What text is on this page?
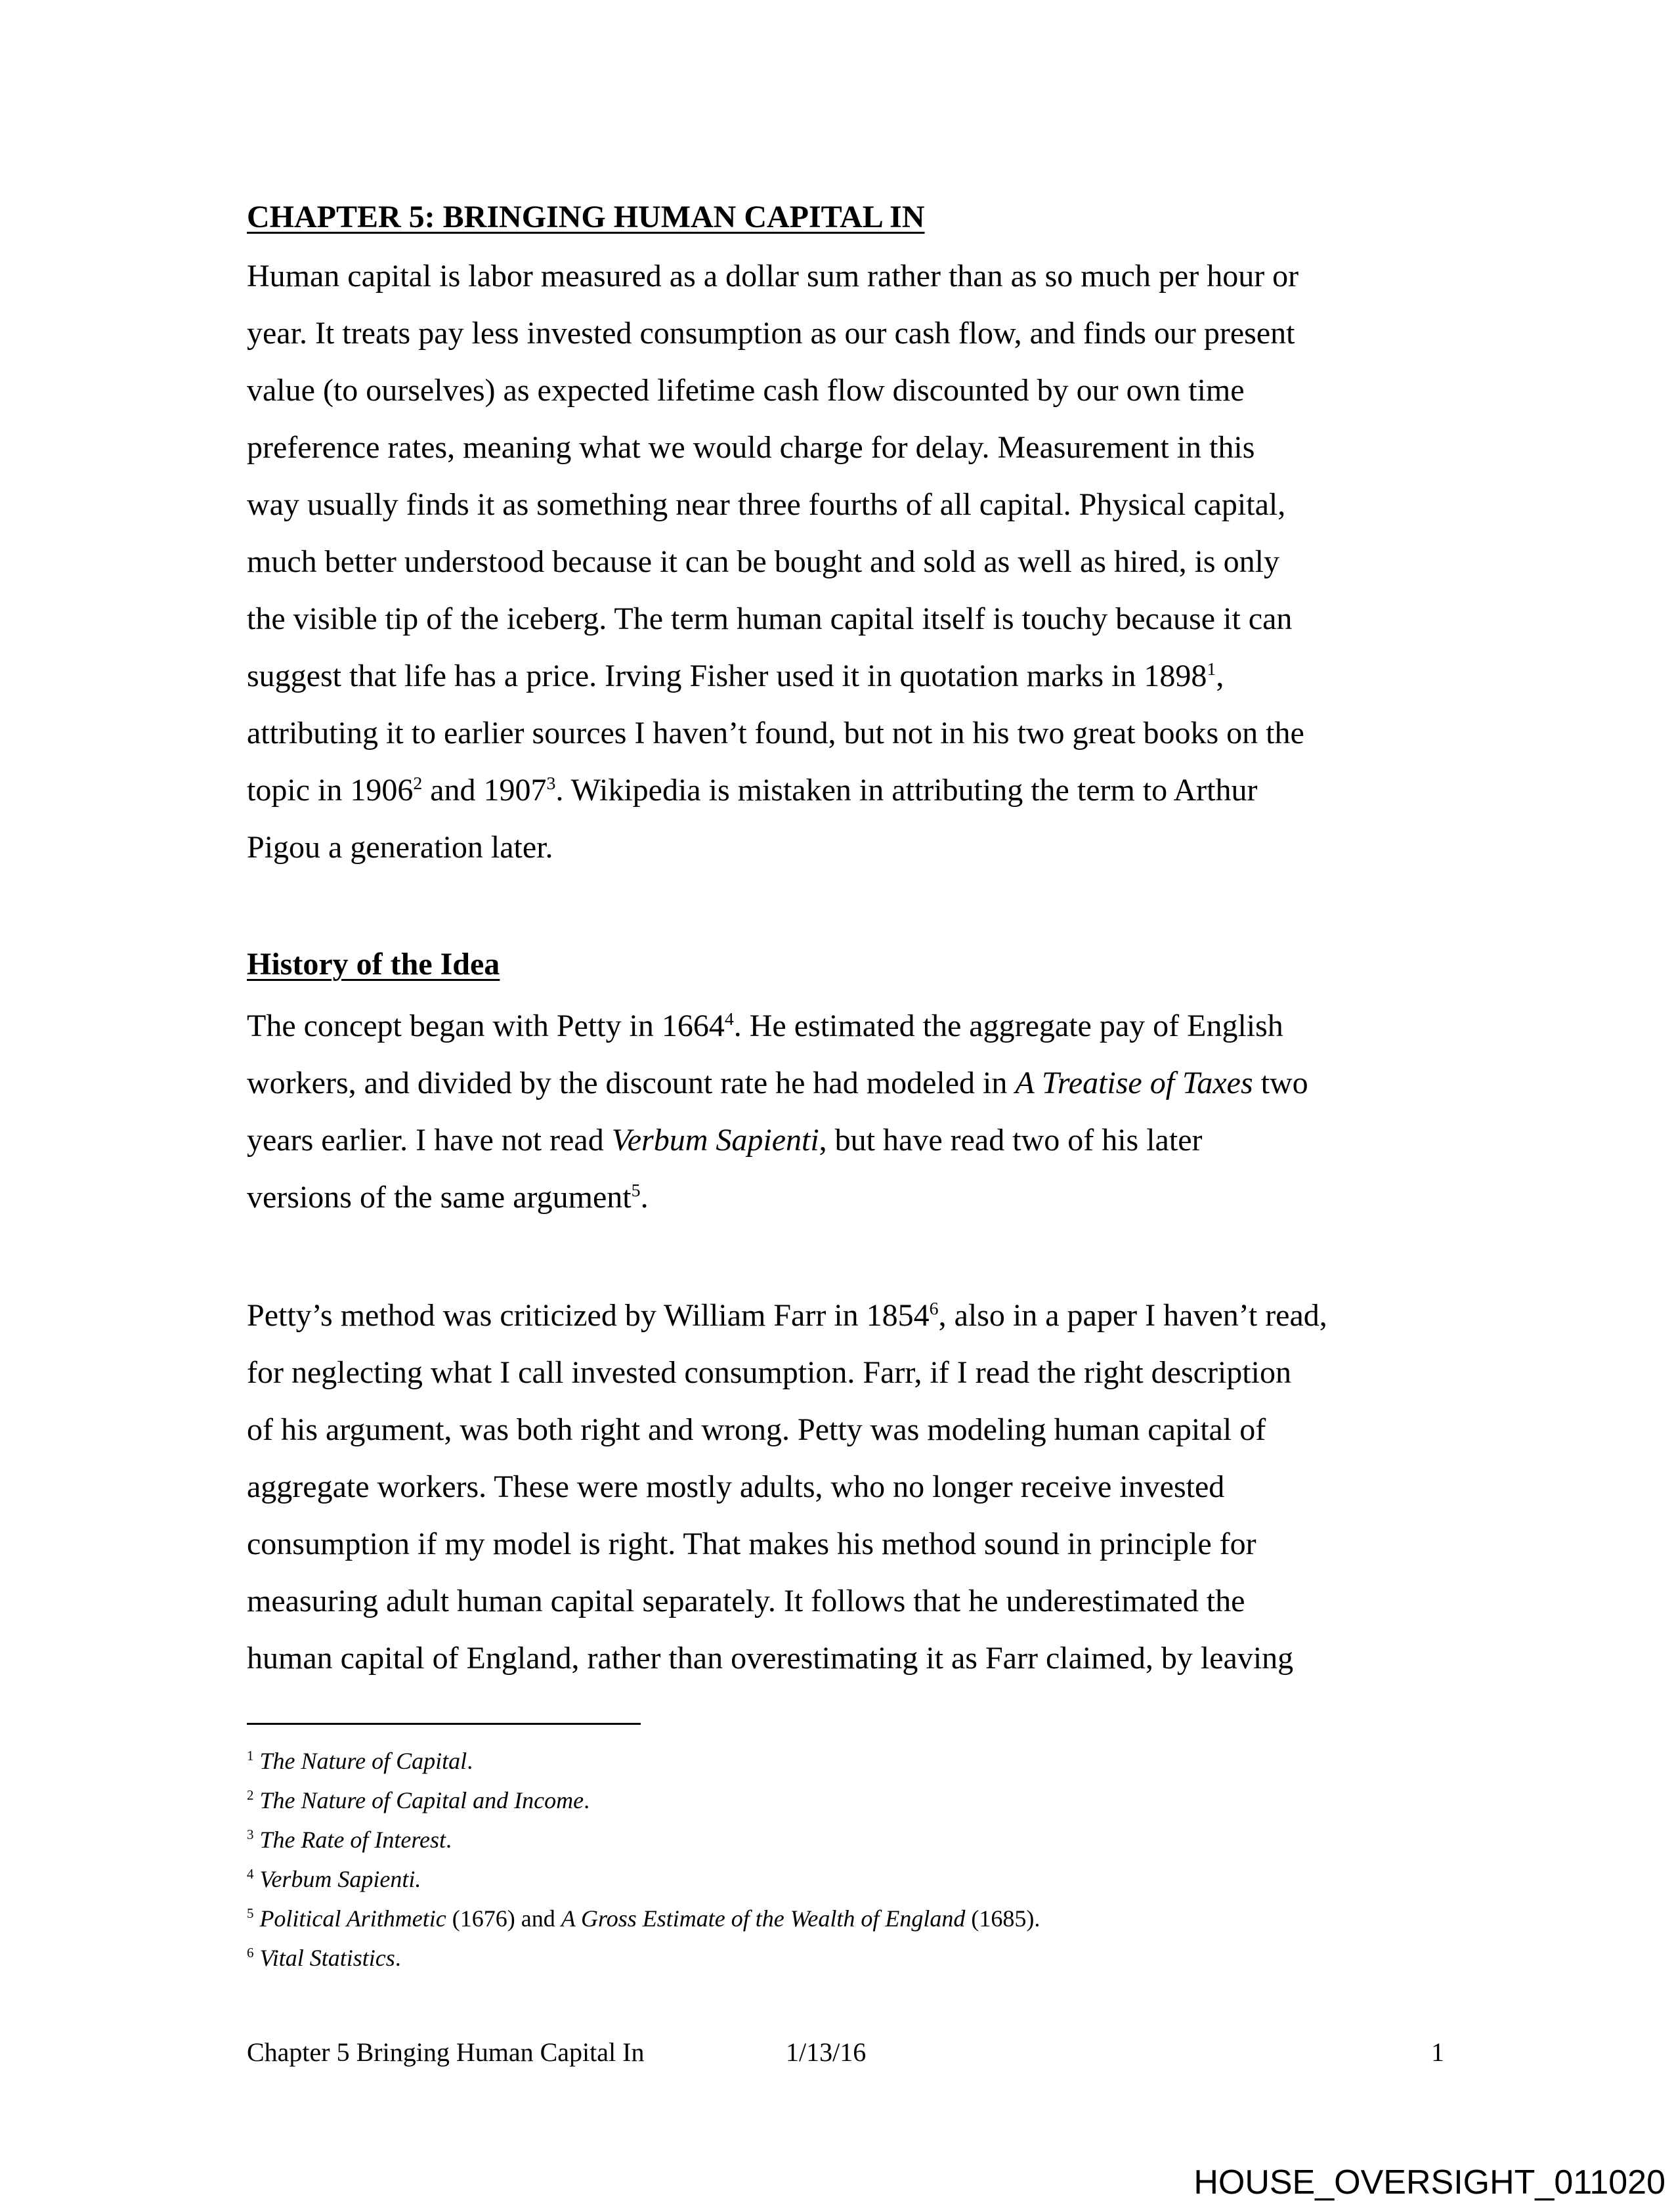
CHAPTER 5: BRINGING HUMAN CAPITAL IN
Human capital is labor measured as a dollar sum rather than as so much per hour or
year. It treats pay less invested consumption as our cash flow, and finds our present
value (to ourselves) as expected lifetime cash flow discounted by our own time
preference rates, meaning what we would charge for delay. Measurement in this
way usually finds it as something near three fourths of all capital. Physical capital,
much better understood because it can be bought and sold as well as hired, is only
the visible tip of the iceberg. The term human capital itself is touchy because it can
suggest that life has a price. Irving Fisher used it in quotation marks in 1898$^1$,
attributing it to earlier sources I haven’t found, but not in his two great books on the
topic in 1906$^2$ and 1907$^3$. Wikipedia is mistaken in attributing the term to Arthur
Pigou a generation later.
History of the Idea
The concept began with Petty in 1664$^4$. He estimated the aggregate pay of English
workers, and divided by the discount rate he had modeled in A Treatise of Taxes two
years earlier. I have not read Verbum Sapienti, but have read two of his later
versions of the same argument$^5$.
Petty’s method was criticized by William Farr in 1854$^6$, also in a paper I haven’t read,
for neglecting what I call invested consumption. Farr, if I read the right description
of his argument, was both right and wrong. Petty was modeling human capital of
aggregate workers. These were mostly adults, who no longer receive invested
consumption if my model is right. That makes his method sound in principle for
measuring adult human capital separately. It follows that he underestimated the
human capital of England, rather than overestimating it as Farr claimed, by leaving
$^1$ The Nature of Capital.
$^2$ The Nature of Capital and Income.
$^3$ The Rate of Interest.
$^4$ Verbum Sapienti.
$^5$ Political Arithmetic (1676) and A Gross Estimate of the Wealth of England (1685).
$^6$ Vital Statistics.
Chapter 5 Bringing Human Capital In	1/13/16	1
HOUSE_OVERSIGHT_011020
